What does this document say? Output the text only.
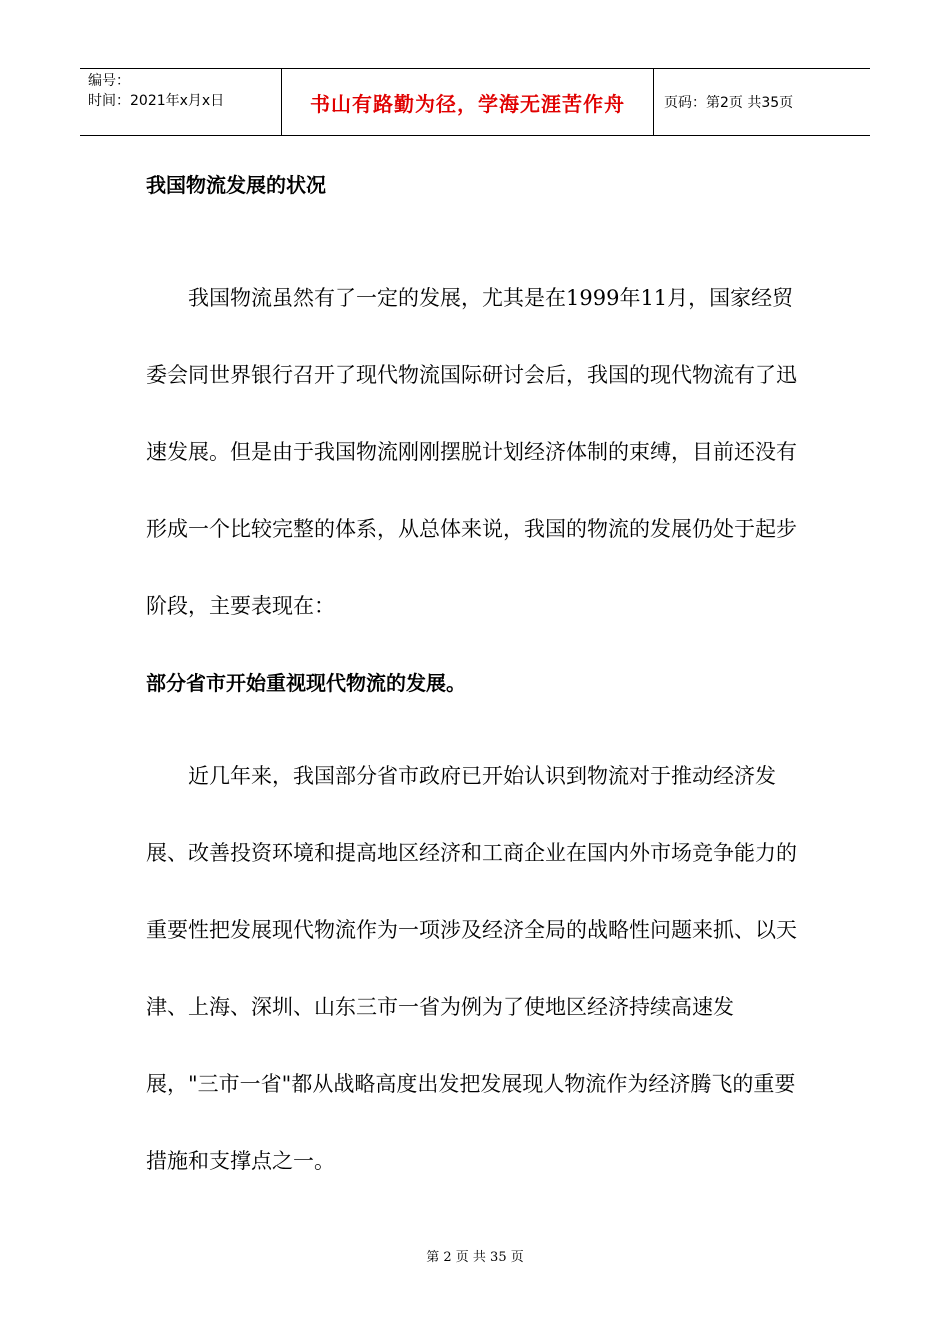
编号：
时间：2021年x月x日	书山有路勤为径，学海无涯苦作舟	页码：第2页 共35页
我国物流发展的状况

我国物流虽然有了一定的发展，尤其是在1999年11月，国家经贸委会同世界银行召开了现代物流国际研讨会后，我国的现代物流有了迅速发展。但是由于我国物流刚刚摆脱计划经济体制的束缚，目前还没有形成一个比较完整的体系，从总体来说，我国的物流的发展仍处于起步阶段，主要表现在：

部分省市开始重视现代物流的发展。

近几年来，我国部分省市政府已开始认识到物流对于推动经济发展、改善投资环境和提高地区经济和工商企业在国内外市场竞争能力的重要性把发展现代物流作为一项涉及经济全局的战略性问题来抓、以天津、上海、深圳、山东三市一省为例为了使地区经济持续高速发展，"三市一省"都从战略高度出发把发展现人物流作为经济腾飞的重要措施和支撑点之一。

第 2 页 共 35 页
